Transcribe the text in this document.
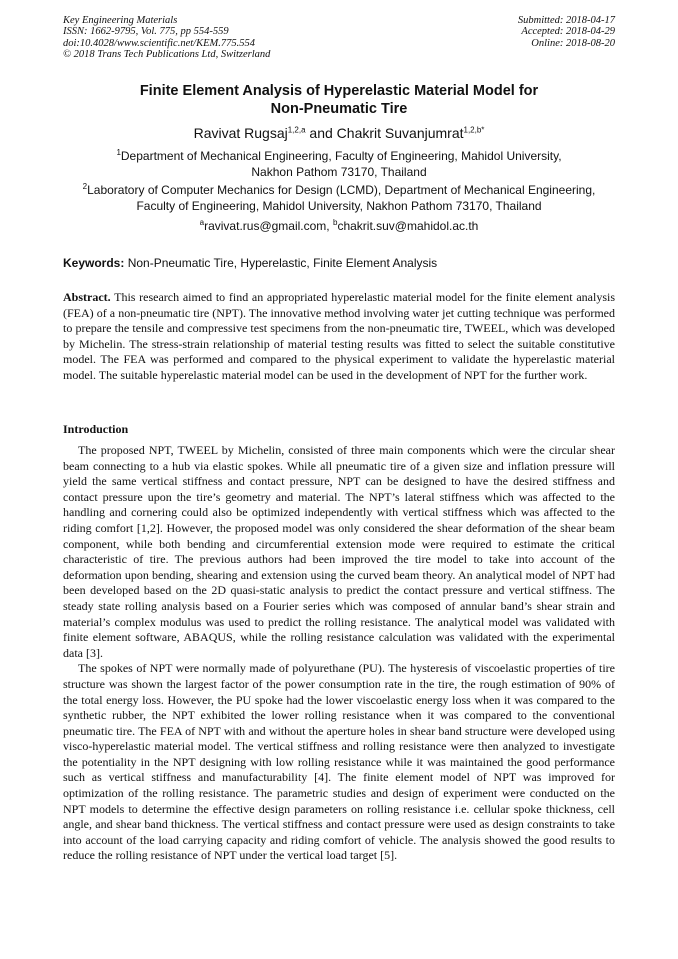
Key Engineering Materials
ISSN: 1662-9795, Vol. 775, pp 554-559
doi:10.4028/www.scientific.net/KEM.775.554
© 2018 Trans Tech Publications Ltd, Switzerland
Submitted: 2018-04-17
Accepted: 2018-04-29
Online: 2018-08-20
Finite Element Analysis of Hyperelastic Material Model for
Non-Pneumatic Tire
Ravivat Rugsaj$^{1,2,a}$ and Chakrit Suvanjumrat$^{1,2,b*}$
$^1$Department of Mechanical Engineering, Faculty of Engineering, Mahidol University,
Nakhon Pathom 73170, Thailand
$^2$Laboratory of Computer Mechanics for Design (LCMD), Department of Mechanical Engineering,
Faculty of Engineering, Mahidol University, Nakhon Pathom 73170, Thailand
$^a$ravivat.rus@gmail.com, $^b$chakrit.suv@mahidol.ac.th
Keywords: Non-Pneumatic Tire, Hyperelastic, Finite Element Analysis
Abstract. This research aimed to find an appropriated hyperelastic material model for the finite element analysis (FEA) of a non-pneumatic tire (NPT). The innovative method involving water jet cutting technique was performed to prepare the tensile and compressive test specimens from the non-pneumatic tire, TWEEL, which was developed by Michelin. The stress-strain relationship of material testing results was fitted to select the suitable constitutive model. The FEA was performed and compared to the physical experiment to validate the hyperelastic material model. The suitable hyperelastic material model can be used in the development of NPT for the further work.
Introduction

The proposed NPT, TWEEL by Michelin, consisted of three main components which were the circular shear beam connecting to a hub via elastic spokes. While all pneumatic tire of a given size and inflation pressure will yield the same vertical stiffness and contact pressure, NPT can be designed to have the desired stiffness and contact pressure upon the tire’s geometry and material. The NPT’s lateral stiffness which was affected to the handling and cornering could also be optimized independently with vertical stiffness which was affected to the riding comfort [1,2]. However, the proposed model was only considered the shear deformation of the shear beam component, while both bending and circumferential extension mode were required to estimate the critical characteristic of tire. The previous authors had been improved the tire model to take into account of the deformation upon bending, shearing and extension using the curved beam theory. An analytical model of NPT had been developed based on the 2D quasi-static analysis to predict the contact pressure and vertical stiffness. The steady state rolling analysis based on a Fourier series which was composed of annular band’s shear strain and material’s complex modulus was used to predict the rolling resistance. The analytical model was validated with finite element software, ABAQUS, while the rolling resistance calculation was validated with the experimental data [3].

The spokes of NPT were normally made of polyurethane (PU). The hysteresis of viscoelastic properties of tire structure was shown the largest factor of the power consumption rate in the tire, the rough estimation of 90% of the total energy loss. However, the PU spoke had the lower viscoelastic energy loss when it was compared to the synthetic rubber, the NPT exhibited the lower rolling resistance when it was compared to the conventional pneumatic tire. The FEA of NPT with and without the aperture holes in shear band structure were developed using visco-hyperelastic material model. The vertical stiffness and rolling resistance were then analyzed to investigate the potentiality in the NPT designing with low rolling resistance while it was maintained the good performance such as vertical stiffness and manufacturability [4]. The finite element model of NPT was improved for optimization of the rolling resistance. The parametric studies and design of experiment were conducted on the NPT models to determine the effective design parameters on rolling resistance i.e. cellular spoke thickness, cell angle, and shear band thickness. The vertical stiffness and contact pressure were used as design constraints to take into account of the load carrying capacity and riding comfort of vehicle. The analysis showed the good results to reduce the rolling resistance of NPT under the vertical load target [5].
